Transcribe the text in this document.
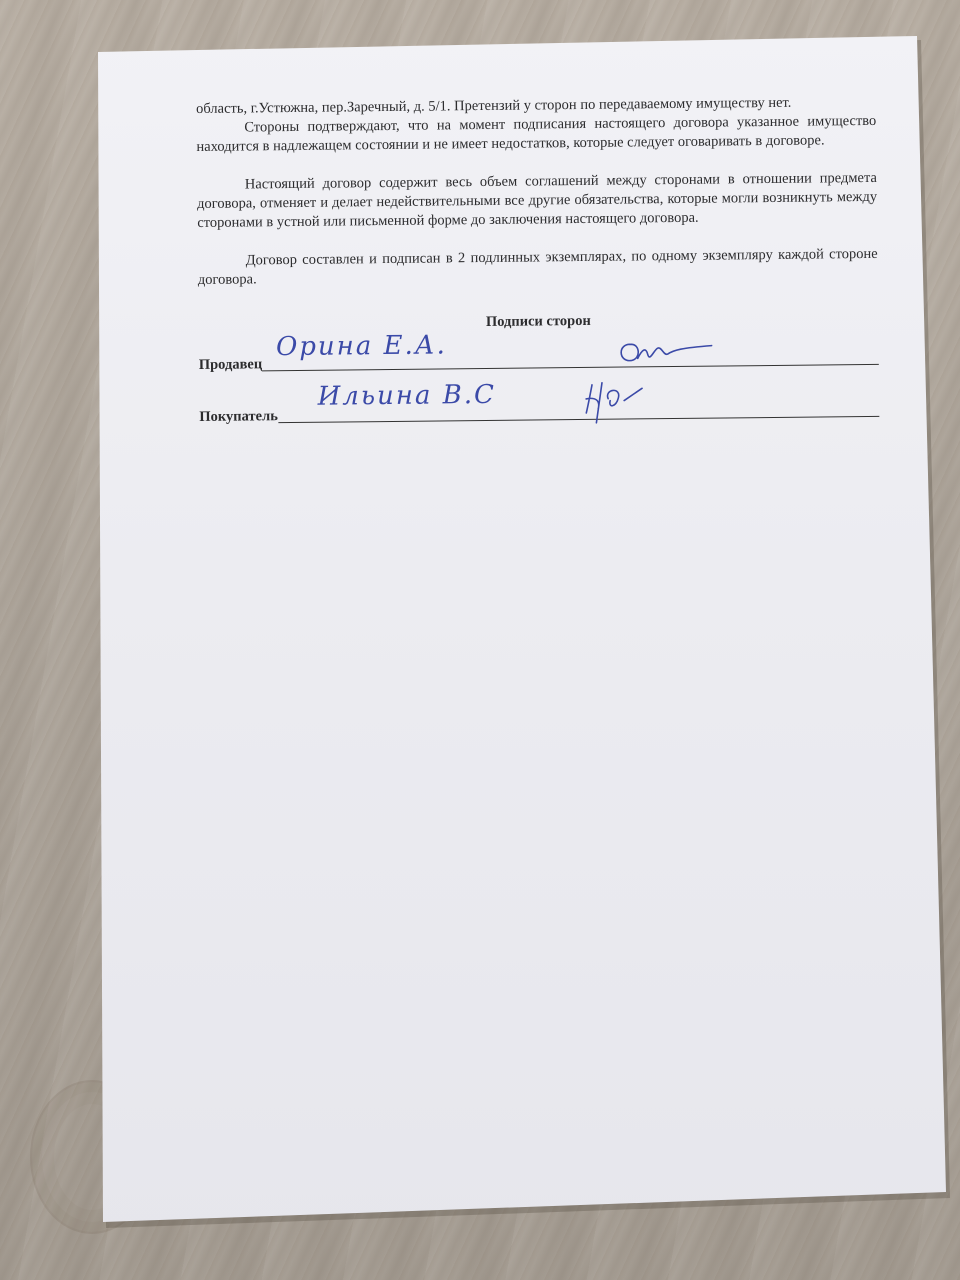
область, г.Устюжна, пер.Заречный, д. 5/1. Претензий у сторон по передаваемому имуществу нет.

Стороны подтверждают, что на момент подписания настоящего договора указанное имущество находится в надлежащем состоянии и не имеет недостатков, которые следует оговаривать в договоре.

Настоящий договор содержит весь объем соглашений между сторонами в отношении предмета договора, отменяет и делает недействительными все другие обязательства, которые могли возникнуть между сторонами в устной или письменной форме до заключения настоящего договора.

Договор составлен и подписан в 2 подлинных экземплярах, по одному экземпляру каждой стороне договора.

Подписи сторон
Продавец
Орина Е.А.
Покупатель
Ильина В.С
